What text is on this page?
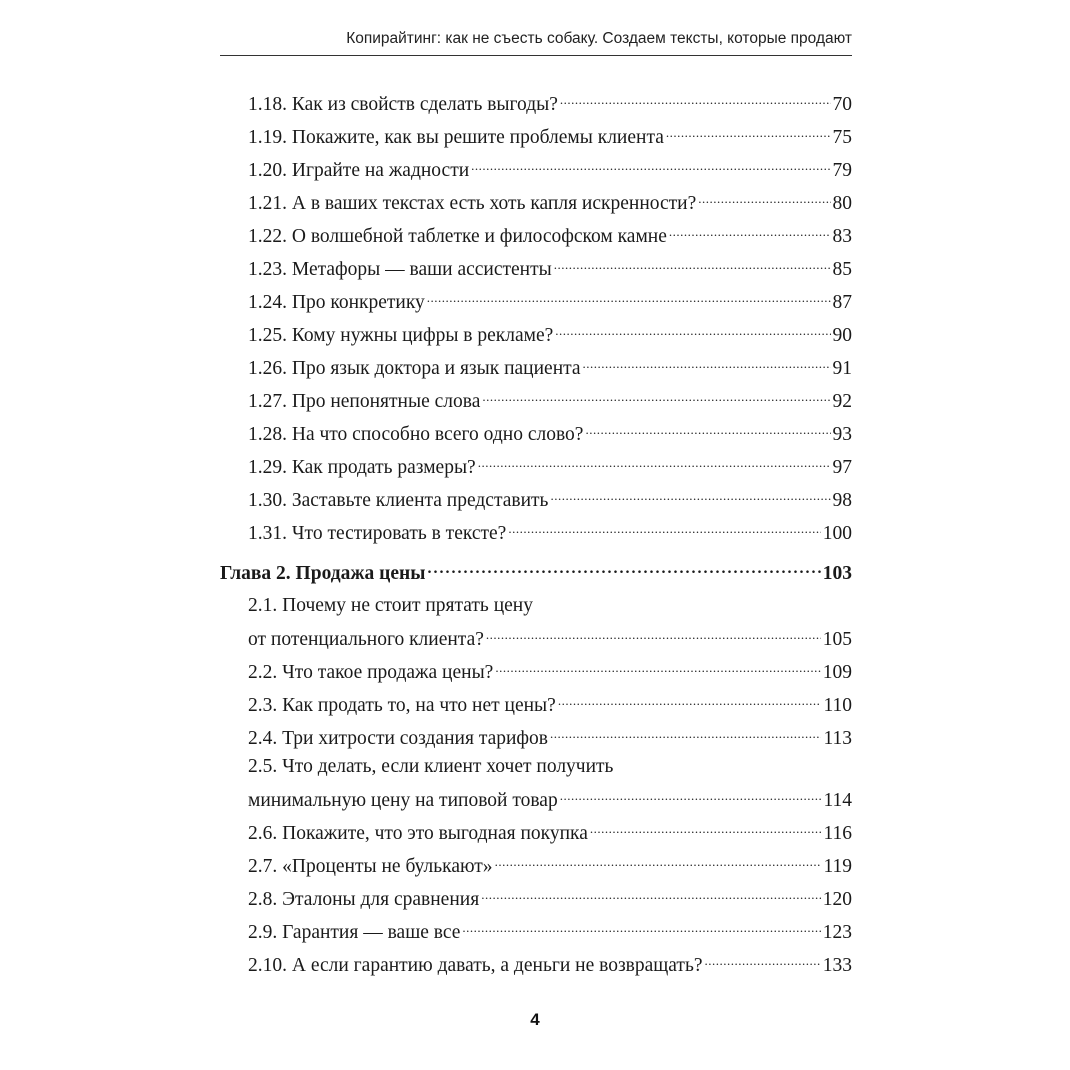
Копирайтинг: как не съесть собаку. Создаем тексты, которые продают
1.18. Как из свойств сделать выгоды? .....	70
1.19. Покажите, как вы решите проблемы клиента .....	75
1.20. Играйте на жадности .....	79
1.21. А в ваших текстах есть хоть капля искренности? .....	80
1.22. О волшебной таблетке и философском камне .....	83
1.23. Метафоры — ваши ассистенты .....	85
1.24. Про конкретику .....	87
1.25. Кому нужны цифры в рекламе? .....	90
1.26. Про язык доктора и язык пациента .....	91
1.27. Про непонятные слова .....	92
1.28. На что способно всего одно слово? .....	93
1.29. Как продать размеры? .....	97
1.30. Заставьте клиента представить .....	98
1.31. Что тестировать в тексте? .....	100
Глава 2. Продажа цены .....	103
2.1. Почему не стоит прятать цену
от потенциального клиента? .....	105
2.2. Что такое продажа цены? .....	109
2.3. Как продать то, на что нет цены? .....	110
2.4. Три хитрости создания тарифов .....	113
2.5. Что делать, если клиент хочет получить
минимальную цену на типовой товар .....	114
2.6. Покажите, что это выгодная покупка .....	116
2.7. «Проценты не булькают» .....	119
2.8. Эталоны для сравнения .....	120
2.9. Гарантия — ваше все .....	123
2.10. А если гарантию давать, а деньги не возвращать? .....	133
4
